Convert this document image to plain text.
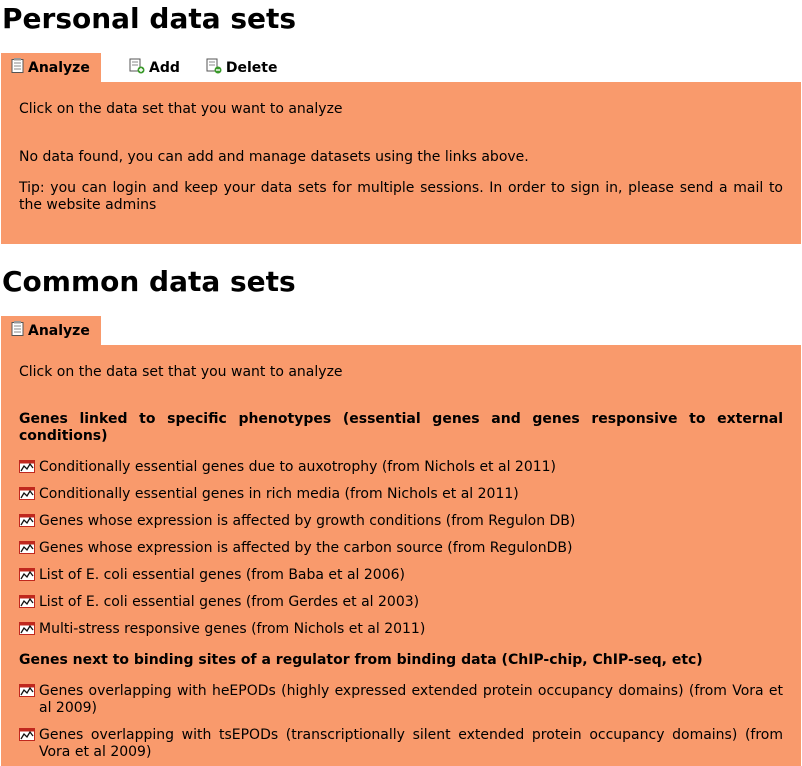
Personal data sets
Analyze	Add	Delete

Click on the data set that you want to analyze

No data found, you can add and manage datasets using the links above.

Tip: you can login and keep your data sets for multiple sessions. In order to sign in, please send a mail to the website admins

Common data sets
Analyze

Click on the data set that you want to analyze

Genes linked to specific phenotypes (essential genes and genes responsive to external conditions)
Conditionally essential genes due to auxotrophy (from Nichols et al 2011)
Conditionally essential genes in rich media (from Nichols et al 2011)
Genes whose expression is affected by growth conditions (from Regulon DB)
Genes whose expression is affected by the carbon source (from RegulonDB)
List of E. coli essential genes (from Baba et al 2006)
List of E. coli essential genes (from Gerdes et al 2003)
Multi-stress responsive genes (from Nichols et al 2011)
Genes next to binding sites of a regulator from binding data (ChIP-chip, ChIP-seq, etc)
Genes overlapping with heEPODs (highly expressed extended protein occupancy domains) (from Vora et al 2009)
Genes overlapping with tsEPODs (transcriptionally silent extended protein occupancy domains) (from Vora et al 2009)
